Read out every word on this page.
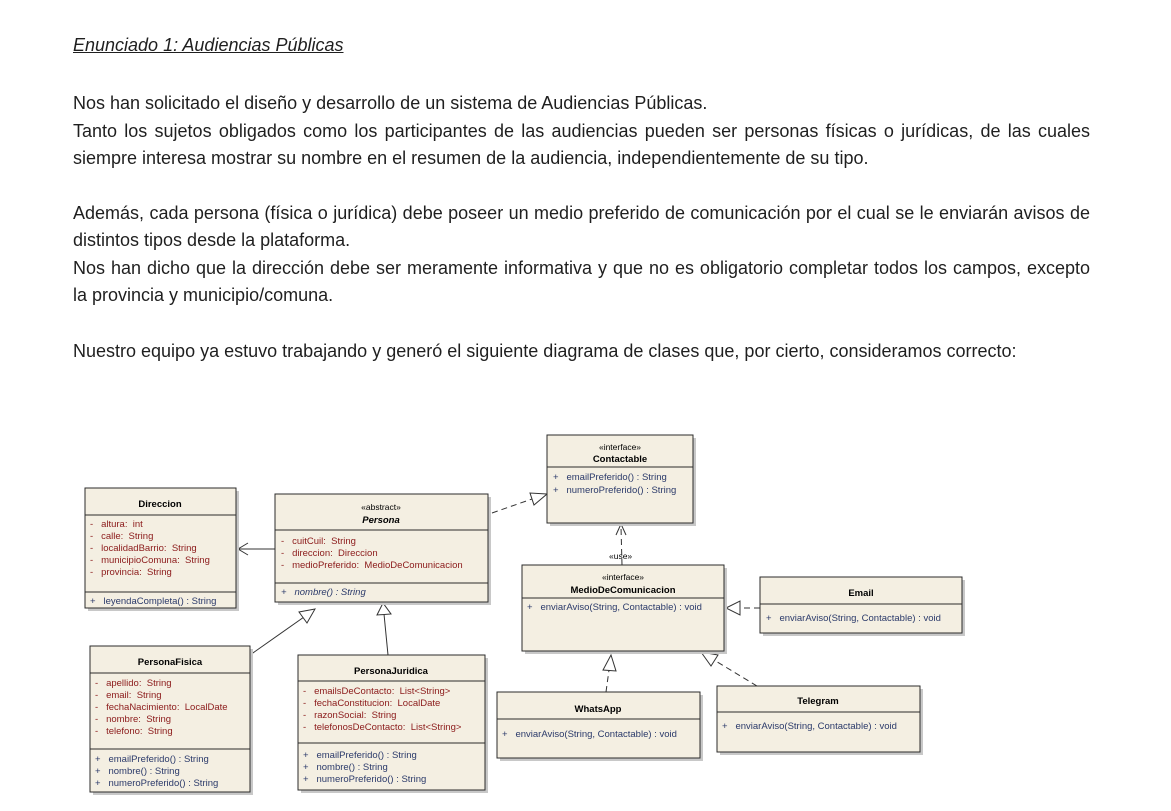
Enunciado 1: Audiencias Públicas

Nos han solicitado el diseño y desarrollo de un sistema de Audiencias Públicas.

Tanto los sujetos obligados como los participantes de las audiencias pueden ser personas físicas o jurídicas, de las cuales siempre interesa mostrar su nombre en el resumen de la audiencia, independientemente de su tipo.

Además, cada persona (física o jurídica) debe poseer un medio preferido de comunicación por el cual se le enviarán avisos de distintos tipos desde la plataforma.

Nos han dicho que la dirección debe ser meramente informativa y que no es obligatorio completar todos los campos, excepto la provincia y municipio/comuna.

Nuestro equipo ya estuvo trabajando y generó el siguiente diagrama de clases que, por cierto, consideramos correcto:

«use»
«interface»
Contactable
+   emailPreferido() : String
+   numeroPreferido() : String
Direccion
-   altura:  int
-   calle:  String
-   localidadBarrio:  String
-   municipioComuna:  String
-   provincia:  String
+   leyendaCompleta() : String
«abstract»
Persona
-   cuitCuil:  String
-   direccion:  Direccion
-   medioPreferido:  MedioDeComunicacion
+   nombre() : String
«interface»
MedioDeComunicacion
+   enviarAviso(String, Contactable) : void
Email
+   enviarAviso(String, Contactable) : void
PersonaFisica
-   apellido:  String
-   email:  String
-   fechaNacimiento:  LocalDate
-   nombre:  String
-   telefono:  String
+   emailPreferido() : String
+   nombre() : String
+   numeroPreferido() : String
PersonaJuridica
-   emailsDeContacto:  List<String>
-   fechaConstitucion:  LocalDate
-   razonSocial:  String
-   telefonosDeContacto:  List<String>
+   emailPreferido() : String
+   nombre() : String
+   numeroPreferido() : String
WhatsApp
+   enviarAviso(String, Contactable) : void
Telegram
+   enviarAviso(String, Contactable) : void
